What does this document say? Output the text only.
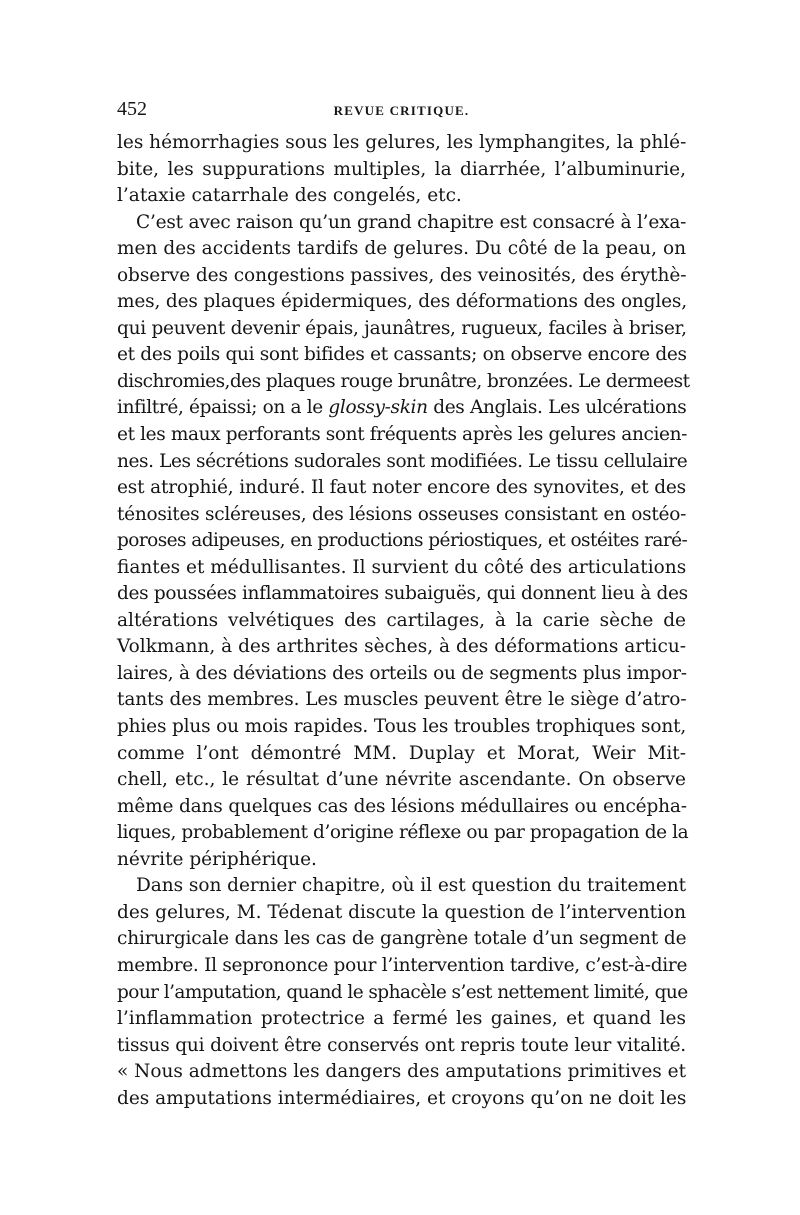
452	REVUE CRITIQUE.
les hémorrhagies sous les gelures, les lymphangites, la phlé-
bite, les suppurations multiples, la diarrhée, l’albuminurie,
l’ataxie catarrhale des congelés, etc.
C’est avec raison qu’un grand chapitre est consacré à l’exa-
men des accidents tardifs de gelures. Du côté de la peau, on
observe des congestions passives, des veinosités, des érythè-
mes, des plaques épidermiques, des déformations des ongles,
qui peuvent devenir épais, jaunâtres, rugueux, faciles à briser,
et des poils qui sont bifides et cassants; on observe encore des
dischromies,des plaques rouge brunâtre, bronzées. Le dermeest
infiltré, épaissi; on a le glossy-skin des Anglais. Les ulcérations
et les maux perforants sont fréquents après les gelures ancien-
nes. Les sécrétions sudorales sont modifiées. Le tissu cellulaire
est atrophié, induré. Il faut noter encore des synovites, et des
ténosites scléreuses, des lésions osseuses consistant en ostéo-
poroses adipeuses, en productions périostiques, et ostéites raré-
fiantes et médullisantes. Il survient du côté des articulations
des poussées inflammatoires subaiguës, qui donnent lieu à des
altérations velvétiques des cartilages, à la carie sèche de
Volkmann, à des arthrites sèches, à des déformations articu-
laires, à des déviations des orteils ou de segments plus impor-
tants des membres. Les muscles peuvent être le siège d’atro-
phies plus ou mois rapides. Tous les troubles trophiques sont,
comme l’ont démontré MM. Duplay et Morat, Weir Mit-
chell, etc., le résultat d’une névrite ascendante. On observe
même dans quelques cas des lésions médullaires ou encépha-
liques, probablement d’origine réflexe ou par propagation de la
névrite périphérique.
Dans son dernier chapitre, où il est question du traitement
des gelures, M. Tédenat discute la question de l’intervention
chirurgicale dans les cas de gangrène totale d’un segment de
membre. Il seprononce pour l’intervention tardive, c’est-à-dire
pour l’amputation, quand le sphacèle s’est nettement limité, que
l’inflammation protectrice a fermé les gaines, et quand les
tissus qui doivent être conservés ont repris toute leur vitalité.
« Nous admettons les dangers des amputations primitives et
des amputations intermédiaires, et croyons qu’on ne doit les
